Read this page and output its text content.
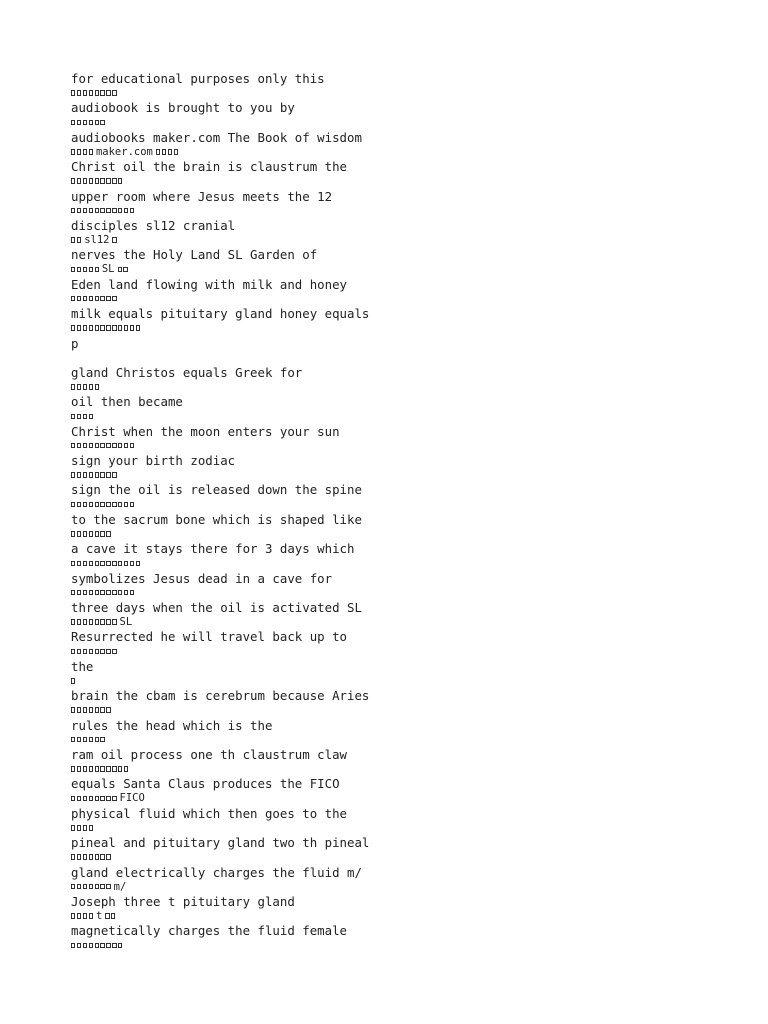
for educational purposes only this
audiobook is brought to you by
audiobooks maker.com The Book of wisdom
maker.com
Christ oil the brain is claustrum the
upper room where Jesus meets the 12
disciples sl12 cranial
sl12
nerves the Holy Land SL Garden of
SL
Eden land flowing with milk and honey
milk equals pituitary gland honey equals
p
gland Christos equals Greek for
oil then became
Christ when the moon enters your sun
sign your birth zodiac
sign the oil is released down the spine
to the sacrum bone which is shaped like
a cave it stays there for 3 days which
symbolizes Jesus dead in a cave for
three days when the oil is activated SL
SL
Resurrected he will travel back up to
the
brain the cbam is cerebrum because Aries
rules the head which is the
ram oil process one th claustrum claw
equals Santa Claus produces the FICO
FICO
physical fluid which then goes to the
pineal and pituitary gland two th pineal
gland electrically charges the fluid m/
m/
Joseph three t pituitary gland
t
magnetically charges the fluid female
